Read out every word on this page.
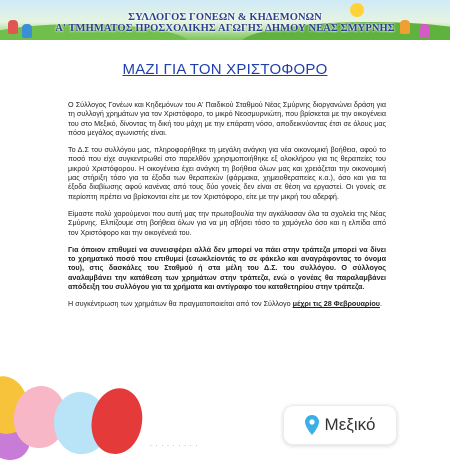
ΣΥΛΛΟΓΟΣ ΓΟΝΕΩΝ & ΚΗΔΕΜΟΝΩΝ
Α' ΤΜΗΜΑΤΟΣ ΠΡΟΣΧΟΛΙΚΗΣ ΑΓΩΓΗΣ ΔΗΜΟΥ ΝΕΑΣ ΣΜΥΡΝΗΣ
ΜΑΖΙ ΓΙΑ ΤΟΝ ΧΡΙΣΤΟΦΟΡΟ

Ο Σύλλογος Γονέων και Κηδεμόνων του Α' Παιδικού Σταθμού Νέας Σμύρνης διοργανώνει δράση για τη συλλογή χρημάτων για τον Χριστόφορο, το μικρό Νεοσμυρνιώτη, που βρίσκεται με την οικογένεια του στο Μεξικό, δίνοντας τη δική του μάχη με την επάρατη νόσο, αποδεικνύοντας έτσι σε όλους μας πόσο μεγάλος αγωνιστής είναι.

Το Δ.Σ του συλλόγου μας, πληροφορήθηκε τη μεγάλη ανάγκη για νέα οικονομική βοήθεια, αφού το ποσό που είχε συγκεντρωθεί στο παρελθόν χρησιμοποιήθηκε εξ ολοκλήρου για τις θεραπείες του μικρού Χριστόφορου. Η οικογένεια έχει ανάγκη τη βοήθεια όλων μας και χρειάζεται την οικονομική μας στήριξη τόσο για τα έξοδα των θεραπειών (φάρμακα, χημειοθεραπείες κ.α.), όσο και για τα έξοδα διαβίωσης αφού κανένας από τους δύο γονείς δεν είναι σε θέση να εργαστεί. Οι γονείς σε περίοπτη πρέπει να βρίσκονται είτε με τον Χριστόφορο, είτε με την μικρή του αδερφή.

Είμαστε πολύ χαρούμενοι που αυτή μας την πρωτοβουλία την αγκάλιασαν όλα τα σχολεία της Νέας Σμύρνης. Ελπίζουμε στη βοήθεια όλων για να μη σβήσει τόσο το χαμόγελο όσο και η ελπίδα από τον Χριστόφορο και την οικογένειά του.

Για όποιον επιθυμεί να συνεισφέρει αλλά δεν μπορεί να πάει στην τράπεζα μπορεί να δίνει το χρηματικό ποσό που επιθυμεί (εσωκλείοντάς το σε φάκελο και αναγράφοντας το όνομα του), στις δασκάλες του Σταθμού ή στα μέλη του Δ.Σ. του συλλόγου. Ο σύλλογος αναλαμβάνει την κατάθεση των χρημάτων στην τράπεζα, ενώ ο γονέας θα παραλαμβάνει απόδειξη του συλλόγου για τα χρήματα και αντίγραφο του καταθετηρίου στην τράπεζα.

Η συγκέντρωση των χρημάτων θα πραγματοποιείται από τον Σύλλογο μέχρι τις 28 Φεβρουαρίου.

Μεξικό
· · · · · · · · ·
